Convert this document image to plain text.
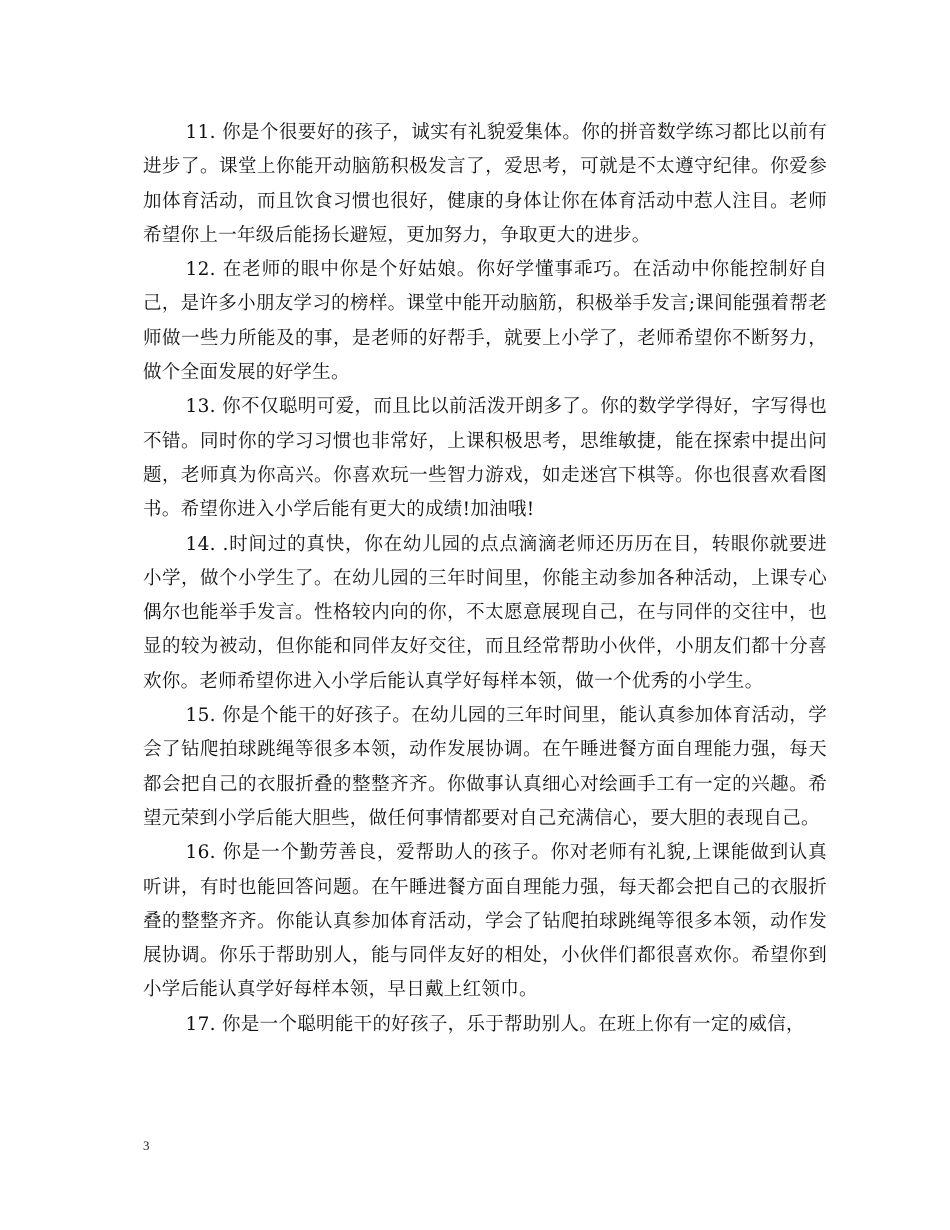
11. 你是个很要好的孩子，诚实有礼貌爱集体。你的拼音数学练习都比以前有进步了。课堂上你能开动脑筋积极发言了，爱思考，可就是不太遵守纪律。你爱参加体育活动，而且饮食习惯也很好，健康的身体让你在体育活动中惹人注目。老师希望你上一年级后能扬长避短，更加努力，争取更大的进步。

12. 在老师的眼中你是个好姑娘。你好学懂事乖巧。在活动中你能控制好自己，是许多小朋友学习的榜样。课堂中能开动脑筋，积极举手发言;课间能强着帮老师做一些力所能及的事，是老师的好帮手，就要上小学了，老师希望你不断努力，做个全面发展的好学生。

13. 你不仅聪明可爱，而且比以前活泼开朗多了。你的数学学得好，字写得也不错。同时你的学习习惯也非常好，上课积极思考，思维敏捷，能在探索中提出问题，老师真为你高兴。你喜欢玩一些智力游戏，如走迷宫下棋等。你也很喜欢看图书。希望你进入小学后能有更大的成绩!加油哦!

14. .时间过的真快，你在幼儿园的点点滴滴老师还历历在目，转眼你就要进小学，做个小学生了。在幼儿园的三年时间里，你能主动参加各种活动，上课专心偶尔也能举手发言。性格较内向的你，不太愿意展现自己，在与同伴的交往中，也显的较为被动，但你能和同伴友好交往，而且经常帮助小伙伴，小朋友们都十分喜欢你。老师希望你进入小学后能认真学好每样本领，做一个优秀的小学生。

15. 你是个能干的好孩子。在幼儿园的三年时间里，能认真参加体育活动，学会了钻爬拍球跳绳等很多本领，动作发展协调。在午睡进餐方面自理能力强，每天都会把自己的衣服折叠的整整齐齐。你做事认真细心对绘画手工有一定的兴趣。希望元荣到小学后能大胆些，做任何事情都要对自己充满信心，要大胆的表现自己。

16. 你是一个勤劳善良，爱帮助人的孩子。你对老师有礼貌,上课能做到认真听讲，有时也能回答问题。在午睡进餐方面自理能力强，每天都会把自己的衣服折叠的整整齐齐。你能认真参加体育活动，学会了钻爬拍球跳绳等很多本领，动作发展协调。你乐于帮助别人，能与同伴友好的相处，小伙伴们都很喜欢你。希望你到小学后能认真学好每样本领，早日戴上红领巾。

17. 你是一个聪明能干的好孩子，乐于帮助别人。在班上你有一定的威信，

3
